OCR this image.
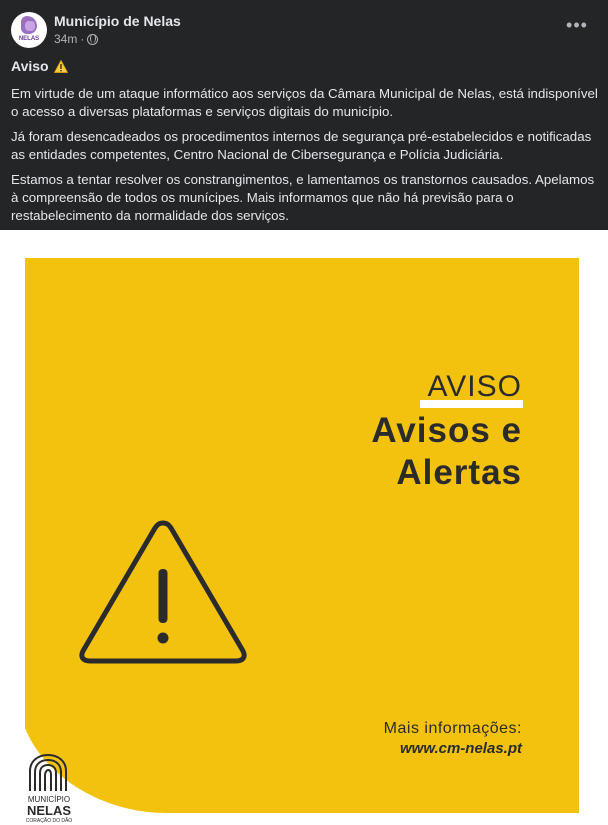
NELAS
Município de Nelas
34m ·
•••
Aviso

Em virtude de um ataque informático aos serviços da Câmara Municipal de Nelas, está indisponível o acesso a diversas plataformas e serviços digitais do município.

Já foram desencadeados os procedimentos internos de segurança pré-estabelecidos e notificadas as entidades competentes, Centro Nacional de Cibersegurança e Polícia Judiciária.

Estamos a tentar resolver os constrangimentos, e lamentamos os transtornos causados. Apelamos à compreensão de todos os munícipes. Mais informamos que não há previsão para o restabelecimento da normalidade dos serviços.

AVISO
Avisos e
Alertas
Mais informações:
www.cm-nelas.pt
MUNICÍPIO
NELAS
CORAÇÃO DO DÃO
